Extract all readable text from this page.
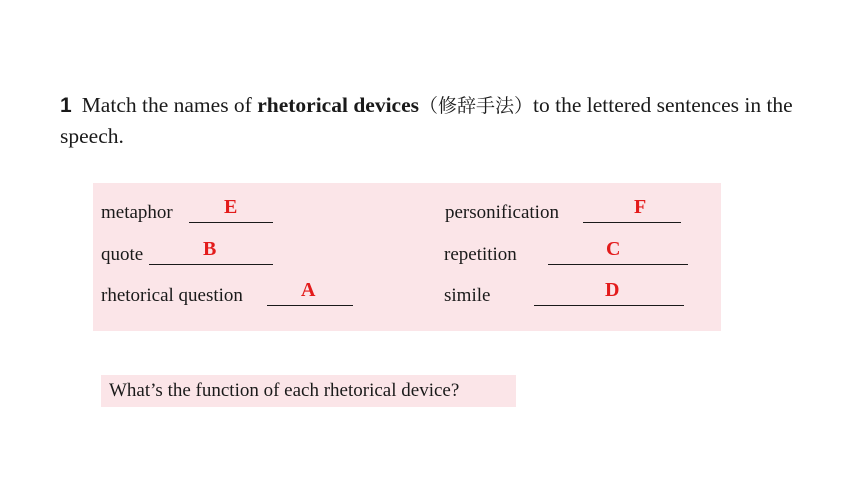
1 Match the names of rhetorical devices（修辞手法）to the lettered sentences in the speech.
metaphor	E	personification	F
quote	B	repetition	C
rhetorical question	A	simile	D
What’s the function of each rhetorical device?
